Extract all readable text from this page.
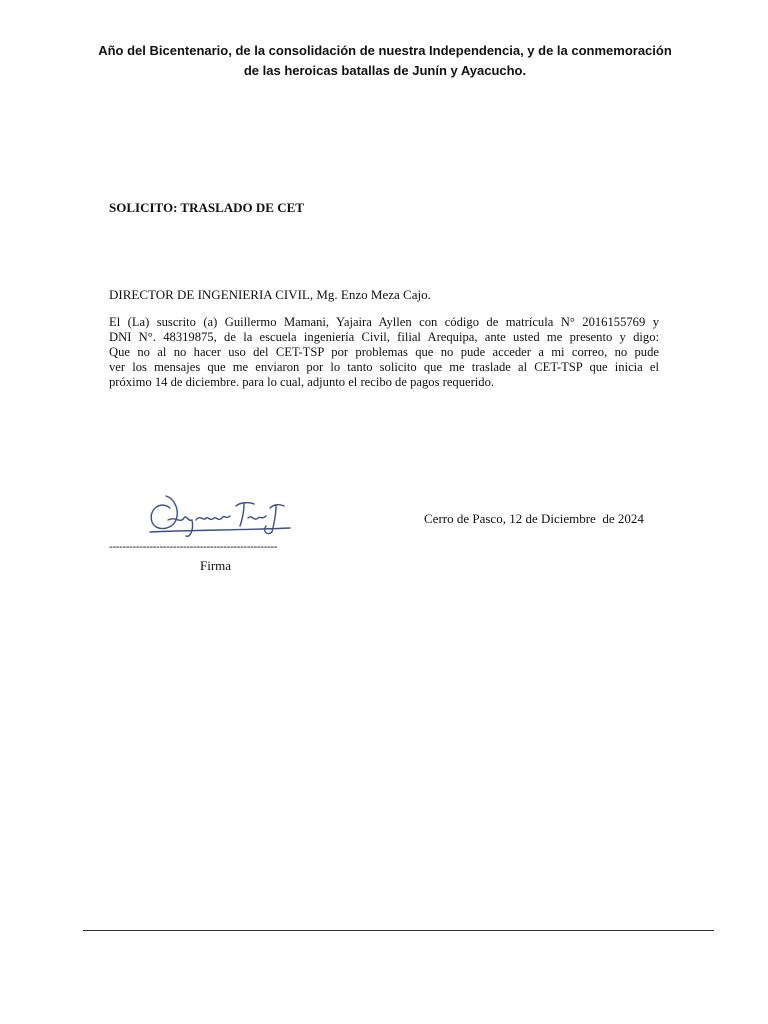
Año del Bicentenario, de la consolidación de nuestra Independencia, y de la conmemoración
de las heroicas batallas de Junín y Ayacucho.
SOLICITO: TRASLADO DE CET
DIRECTOR DE INGENIERIA CIVIL, Mg. Enzo Meza Cajo.
El (La) suscrito (a) Guillermo Mamani, Yajaira Ayllen con código de matrícula N° 2016155769 y
DNI N°. 48319875, de la escuela ingeniería Civil, filial Arequipa, ante usted me presento y digo:
Que no al no hacer uso del CET-TSP por problemas que no pude acceder a mi correo, no pude
ver los mensajes que me enviaron por lo tanto solicito que me traslade al CET-TSP que inicia el
próximo 14 de diciembre. para lo cual, adjunto el recibo de pagos requerido.
--------------------------------------------------
Firma
Cerro de Pasco, 12 de Diciembre  de 2024
